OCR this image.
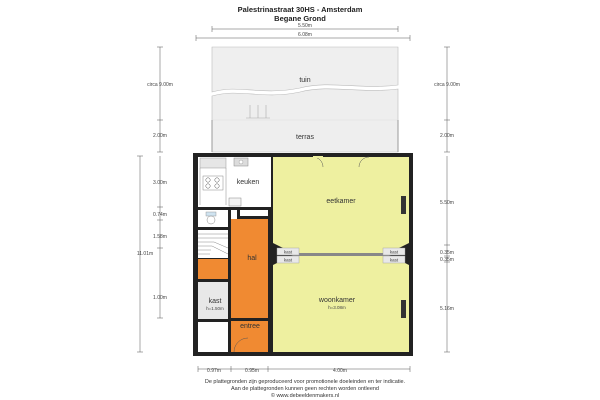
Palestrinastraat 30HS - Amsterdam
Begane Grond
5.50m
6.08m
tuin
terras
keuken
eetkamer
woonkamer
h=3.08m
kast
kast
kast
kast
hal
kast
h=1.50m
entree
circa 9.00m
2.00m
3.00m
0.74m
1.58m
1.00m
11.01m
circa 9.00m
2.00m
5.50m
0.35m
0.35m
5.16m
0.97m	0.95m	4.00m
De plattegronden zijn geproduceerd voor promotionele doeleinden en ter indicatie.
Aan de plattegronden kunnen geen rechten worden ontleend
© www.debeeldenmakers.nl
